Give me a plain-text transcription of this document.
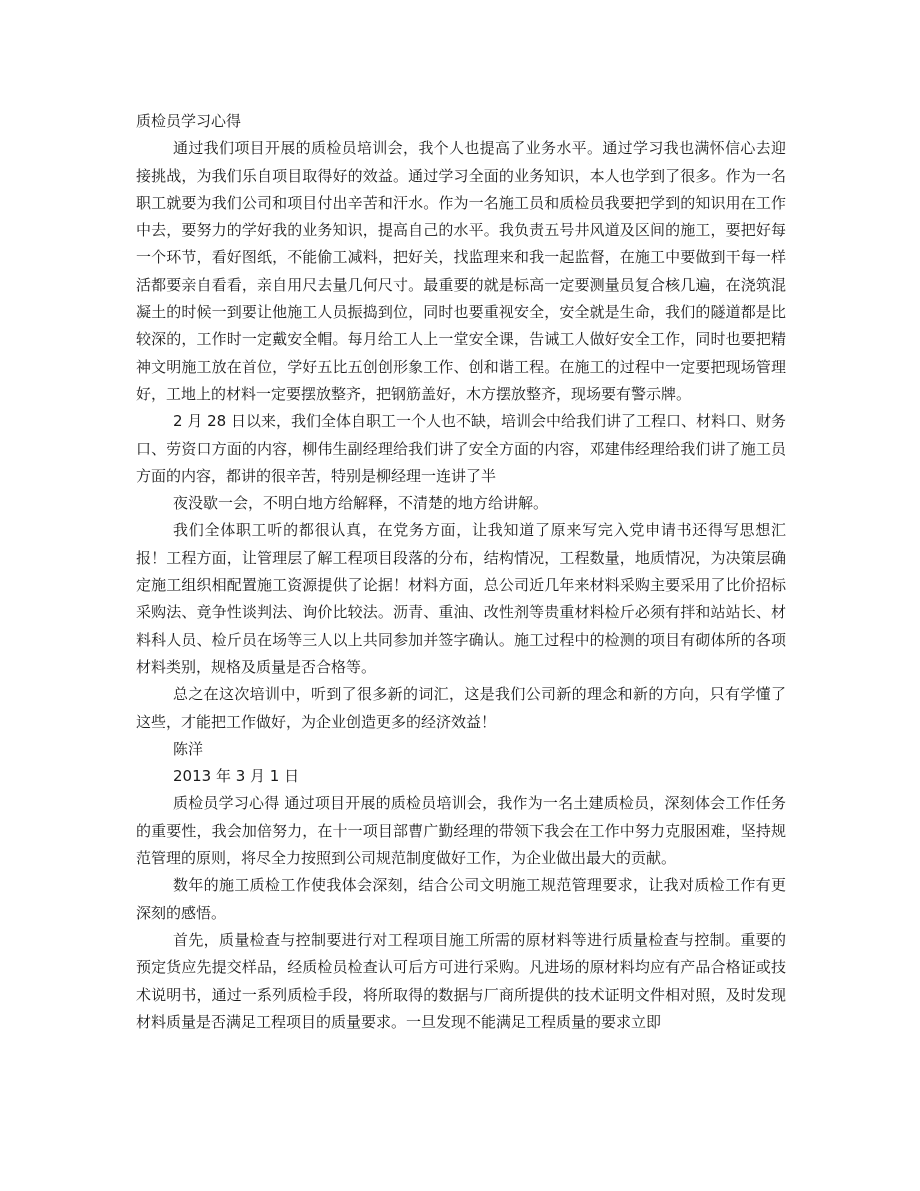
质检员学习心得

通过我们项目开展的质检员培训会，我个人也提高了业务水平。通过学习我也满怀信心去迎接挑战，为我们乐自项目取得好的效益。通过学习全面的业务知识，本人也学到了很多。作为一名职工就要为我们公司和项目付出辛苦和汗水。作为一名施工员和质检员我要把学到的知识用在工作中去，要努力的学好我的业务知识，提高自己的水平。我负责五号井风道及区间的施工，要把好每一个环节，看好图纸，不能偷工减料，把好关，找监理来和我一起监督，在施工中要做到干每一样活都要亲自看看，亲自用尺去量几何尺寸。最重要的就是标高一定要测量员复合核几遍，在浇筑混凝土的时候一到要让他施工人员振捣到位，同时也要重视安全，安全就是生命，我们的隧道都是比较深的，工作时一定戴安全帽。每月给工人上一堂安全课，告诫工人做好安全工作，同时也要把精神文明施工放在首位，学好五比五创创形象工作、创和谐工程。在施工的过程中一定要把现场管理好，工地上的材料一定要摆放整齐，把钢筋盖好，木方摆放整齐，现场要有警示牌。

2 月 28 日以来，我们全体自职工一个人也不缺，培训会中给我们讲了工程口、材料口、财务口、劳资口方面的内容，柳伟生副经理给我们讲了安全方面的内容，邓建伟经理给我们讲了施工员方面的内容，都讲的很辛苦，特别是柳经理一连讲了半

夜没歇一会，不明白地方给解释，不清楚的地方给讲解。

我们全体职工听的都很认真，在党务方面，让我知道了原来写完入党申请书还得写思想汇报！工程方面，让管理层了解工程项目段落的分布，结构情况，工程数量，地质情况，为决策层确定施工组织相配置施工资源提供了论据！材料方面，总公司近几年来材料采购主要采用了比价招标采购法、竟争性谈判法、询价比较法。沥青、重油、改性剂等贵重材料检斤必须有拌和站站长、材料科人员、检斤员在场等三人以上共同参加并签字确认。施工过程中的检测的项目有砌体所的各项材料类别，规格及质量是否合格等。

总之在这次培训中，听到了很多新的词汇，这是我们公司新的理念和新的方向，只有学懂了这些，才能把工作做好，为企业创造更多的经济效益！

陈洋

2013 年 3 月 1 日

质检员学习心得 通过项目开展的质检员培训会，我作为一名土建质检员，深刻体会工作任务的重要性，我会加倍努力，在十一项目部曹广勤经理的带领下我会在工作中努力克服困难，坚持规范管理的原则，将尽全力按照到公司规范制度做好工作，为企业做出最大的贡献。

数年的施工质检工作使我体会深刻，结合公司文明施工规范管理要求，让我对质检工作有更深刻的感悟。

首先，质量检查与控制要进行对工程项目施工所需的原材料等进行质量检查与控制。重要的预定货应先提交样品，经质检员检查认可后方可进行采购。凡进场的原材料均应有产品合格证或技术说明书，通过一系列质检手段，将所取得的数据与厂商所提供的技术证明文件相对照，及时发现材料质量是否满足工程项目的质量要求。一旦发现不能满足工程质量的要求立即
